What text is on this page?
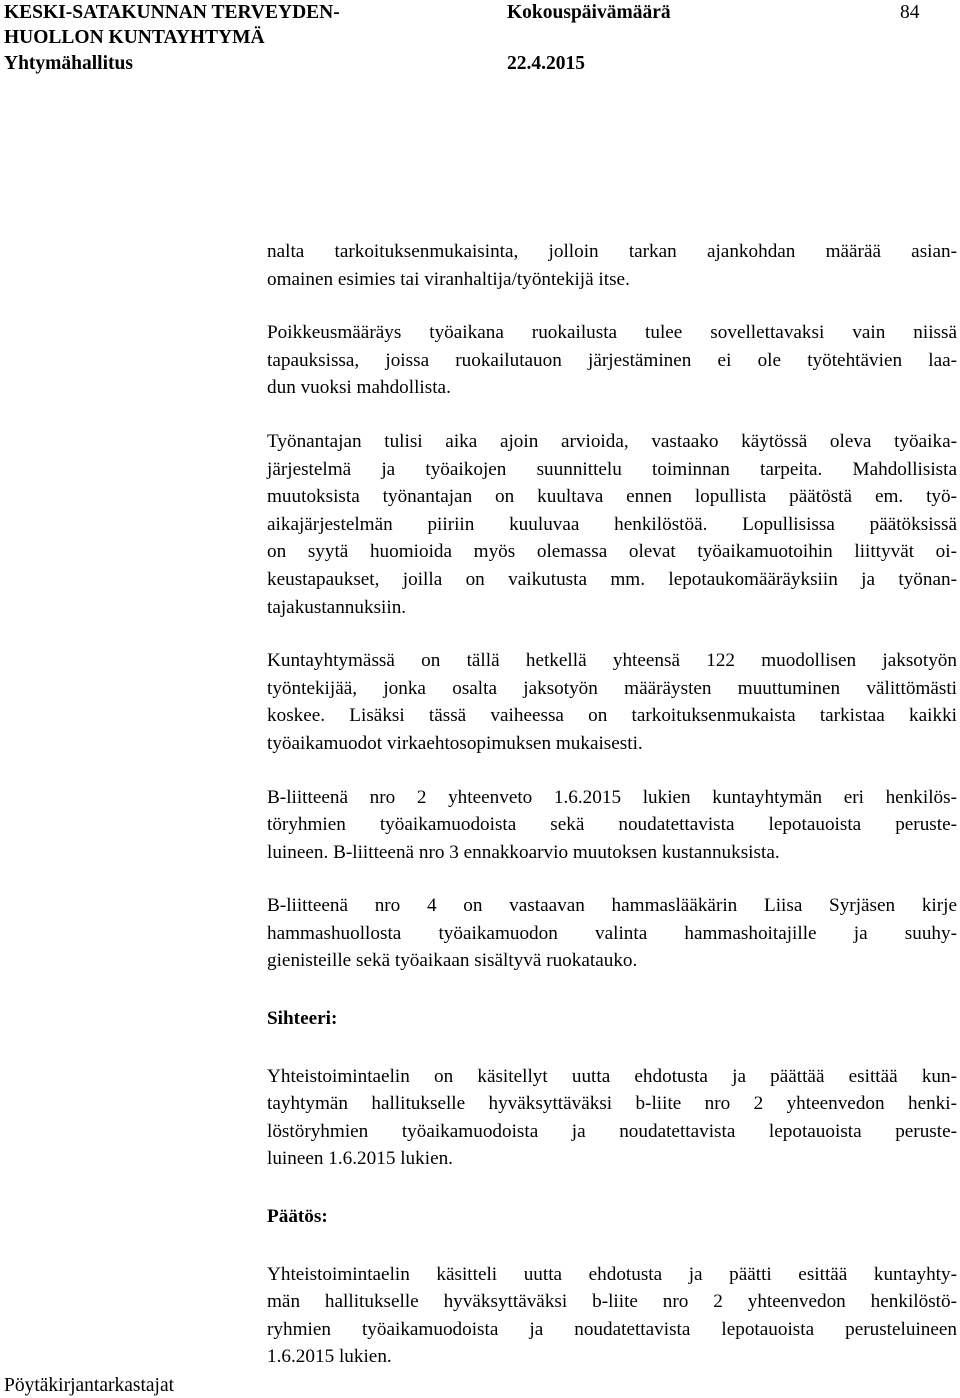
KESKI-SATAKUNNAN TERVEYDEN-
HUOLLON KUNTAYHTYMÄ
Yhtymähallitus
Kokouspäivämäärä
22.4.2015
84

nalta tarkoituksenmukaisinta, jolloin tarkan ajankohdan määrää asian-
omainen esimies tai viranhaltija/työntekijä itse.

Poikkeusmääräys työaikana ruokailusta tulee sovellettavaksi vain niissä
tapauksissa, joissa ruokailutauon järjestäminen ei ole työtehtävien laa-
dun vuoksi mahdollista.

Työnantajan tulisi aika ajoin arvioida, vastaako käytössä oleva työaika-
järjestelmä ja työaikojen suunnittelu toiminnan tarpeita. Mahdollisista
muutoksista työnantajan on kuultava ennen lopullista päätöstä em. työ-
aikajärjestelmän piiriin kuuluvaa henkilöstöä. Lopullisissa päätöksissä
on syytä huomioida myös olemassa olevat työaikamuotoihin liittyvät oi-
keustapaukset, joilla on vaikutusta mm. lepotaukomääräyksiin ja työnan-
tajakustannuksiin.

Kuntayhtymässä on tällä hetkellä yhteensä 122 muodollisen jaksotyön
työntekijää, jonka osalta jaksotyön määräysten muuttuminen välittömästi
koskee. Lisäksi tässä vaiheessa on tarkoituksenmukaista tarkistaa kaikki
työaikamuodot virkaehtosopimuksen mukaisesti.

B-liitteenä nro 2 yhteenveto 1.6.2015 lukien kuntayhtymän eri henkilös-
töryhmien työaikamuodoista sekä noudatettavista lepotauoista peruste-
luineen. B-liitteenä nro 3 ennakkoarvio muutoksen kustannuksista.

B-liitteenä nro 4 on vastaavan hammaslääkärin Liisa Syrjäsen kirje
hammashuollosta työaikamuodon valinta hammashoitajille ja suuhy-
gienisteille sekä työaikaan sisältyvä ruokatauko.

Sihteeri:

Yhteistoimintaelin on käsitellyt uutta ehdotusta ja päättää esittää kun-
tayhtymän hallitukselle hyväksyttäväksi b-liite nro 2 yhteenvedon henki-
löstöryhmien työaikamuodoista ja noudatettavista lepotauoista peruste-
luineen 1.6.2015 lukien.

Päätös:

Yhteistoimintaelin käsitteli uutta ehdotusta ja päätti esittää kuntayhty-
män hallitukselle hyväksyttäväksi b-liite nro 2 yhteenvedon henkilöstö-
ryhmien työaikamuodoista ja noudatettavista lepotauoista perusteluineen
1.6.2015 lukien.

Pöytäkirjantarkastajat
